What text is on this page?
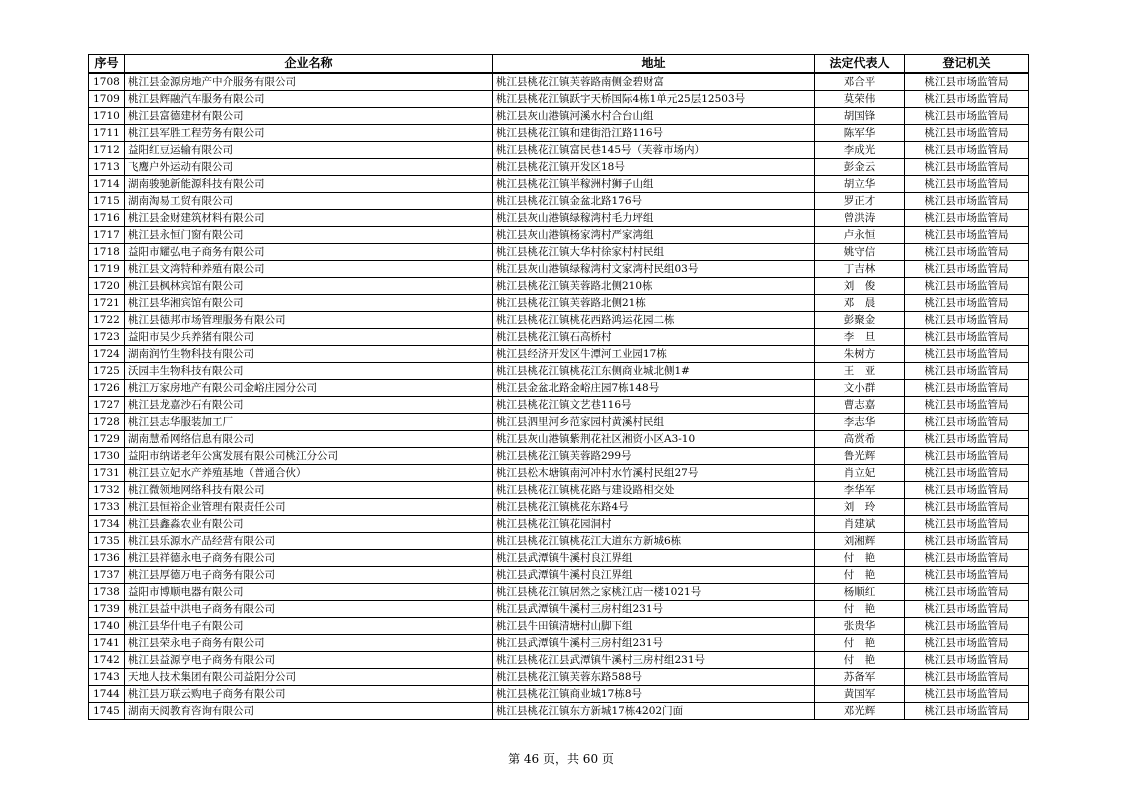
序号	企业名称	地址	法定代表人	登记机关
1708	桃江县金源房地产中介服务有限公司	桃江县桃花江镇芙蓉路南侧金碧财富	邓合平	桃江县市场监管局
1709	桃江县辉融汽车服务有限公司	桃江县桃花江镇跃宇天桥国际4栋1单元25层12503号	莫荣伟	桃江县市场监管局
1710	桃江县富德建材有限公司	桃江县灰山港镇河溪水村合台山组	胡国锋	桃江县市场监管局
1711	桃江县军胜工程劳务有限公司	桃江县桃花江镇和建街沿江路116号	陈军华	桃江县市场监管局
1712	益阳红豆运输有限公司	桃江县桃花江镇富民巷145号（芙蓉市场内）	李成光	桃江县市场监管局
1713	飞鹰户外运动有限公司	桃江县桃花江镇开发区18号	彭金云	桃江县市场监管局
1714	湖南骏驰新能源科技有限公司	桃江县桃花江镇半稼洲村狮子山组	胡立华	桃江县市场监管局
1715	湖南淘易工贸有限公司	桃江县桃花江镇金盆北路176号	罗正才	桃江县市场监管局
1716	桃江县金财建筑材料有限公司	桃江县灰山港镇绿稼湾村毛力坪组	曾洪涛	桃江县市场监管局
1717	桃江县永恒门窗有限公司	桃江县灰山港镇杨家湾村严家湾组	卢永恒	桃江县市场监管局
1718	益阳市耀弘电子商务有限公司	桃江县桃花江镇大华村徐家村村民组	姚守信	桃江县市场监管局
1719	桃江县文湾特种养殖有限公司	桃江县灰山港镇绿稼湾村文家湾村民组03号	丁吉林	桃江县市场监管局
1720	桃江县枫林宾馆有限公司	桃江县桃花江镇芙蓉路北侧210栋	刘　俊	桃江县市场监管局
1721	桃江县华湘宾馆有限公司	桃江县桃花江镇芙蓉路北侧21栋	邓　晨	桃江县市场监管局
1722	桃江县德邦市场管理服务有限公司	桃江县桃花江镇桃花西路鸿运花园二栋	彭聚金	桃江县市场监管局
1723	益阳市吴少兵养猪有限公司	桃江县桃花江镇石高桥村	李　旦	桃江县市场监管局
1724	湖南润竹生物科技有限公司	桃江县经济开发区牛潭河工业园17栋	朱树方	桃江县市场监管局
1725	沃园丰生物科技有限公司	桃江县桃花江镇桃花江东侧商业城北侧1#	王　亚	桃江县市场监管局
1726	桃江万家房地产有限公司金峪庄园分公司	桃江县金盆北路金峪庄园7栋148号	文小群	桃江县市场监管局
1727	桃江县龙嘉沙石有限公司	桃江县桃花江镇文艺巷116号	曹志嘉	桃江县市场监管局
1728	桃江县志华服装加工厂	桃江县泗里河乡范家园村黄溪村民组	李志华	桃江县市场监管局
1729	湖南慧希网络信息有限公司	桃江县灰山港镇紫荆花社区湘资小区A3-10	高赏希	桃江县市场监管局
1730	益阳市纳诺老年公寓发展有限公司桃江分公司	桃江县桃花江镇芙蓉路299号	鲁光辉	桃江县市场监管局
1731	桃江县立妃水产养殖基地（普通合伙）	桃江县松木塘镇南河冲村水竹溪村民组27号	肖立妃	桃江县市场监管局
1732	桃江微领地网络科技有限公司	桃江县桃花江镇桃花路与建设路相交处	李华军	桃江县市场监管局
1733	桃江县恒裕企业管理有限责任公司	桃江县桃花江镇桃花东路4号	刘　玲	桃江县市场监管局
1734	桃江县鑫淼农业有限公司	桃江县桃花江镇花园洞村	肖建斌	桃江县市场监管局
1735	桃江县乐源水产品经营有限公司	桃江县桃花江镇桃花江大道东方新城6栋	刘湘辉	桃江县市场监管局
1736	桃江县祥德永电子商务有限公司	桃江县武潭镇牛溪村良江界组	付　艳	桃江县市场监管局
1737	桃江县厚德万电子商务有限公司	桃江县武潭镇牛溪村良江界组	付　艳	桃江县市场监管局
1738	益阳市博顺电器有限公司	桃江县桃花江镇居然之家桃江店一楼1021号	杨顺红	桃江县市场监管局
1739	桃江县益中洪电子商务有限公司	桃江县武潭镇牛溪村三房村组231号	付　艳	桃江县市场监管局
1740	桃江县华什电子有限公司	桃江县牛田镇清塘村山脚下组	张贵华	桃江县市场监管局
1741	桃江县荣永电子商务有限公司	桃江县武潭镇牛溪村三房村组231号	付　艳	桃江县市场监管局
1742	桃江县益源亨电子商务有限公司	桃江县桃花江县武潭镇牛溪村三房村组231号	付　艳	桃江县市场监管局
1743	天地人技术集团有限公司益阳分公司	桃江县桃花江镇芙蓉东路588号	苏备军	桃江县市场监管局
1744	桃江县万联云购电子商务有限公司	桃江县桃花江镇商业城17栋8号	黄国军	桃江县市场监管局
1745	湖南天阅教育咨询有限公司	桃江县桃花江镇东方新城17栋4202门面	邓光辉	桃江县市场监管局
第 46 页，共 60 页
